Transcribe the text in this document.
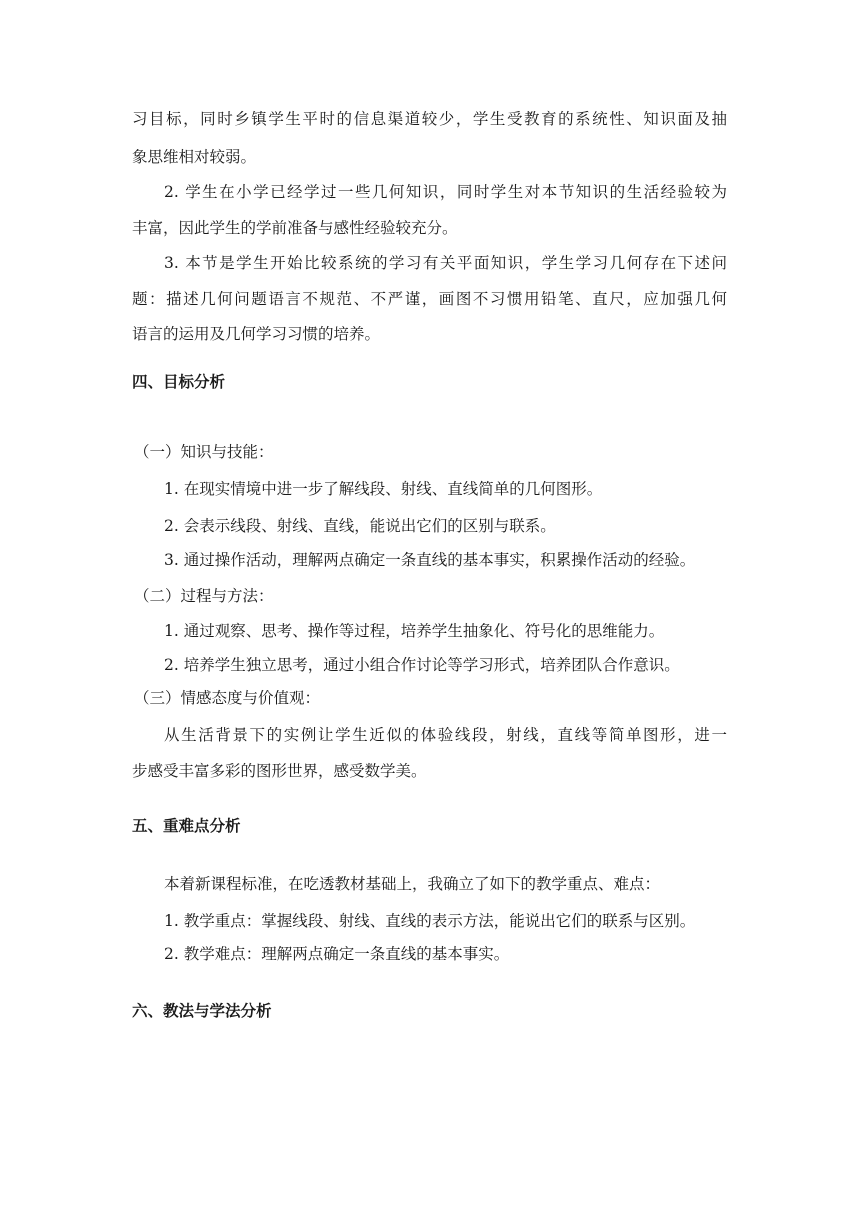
习目标，同时乡镇学生平时的信息渠道较少，学生受教育的系统性、知识面及抽
象思维相对较弱。
2. 学生在小学已经学过一些几何知识，同时学生对本节知识的生活经验较为
丰富，因此学生的学前准备与感性经验较充分。
3. 本节是学生开始比较系统的学习有关平面知识，学生学习几何存在下述问
题：描述几何问题语言不规范、不严谨，画图不习惯用铅笔、直尺，应加强几何
语言的运用及几何学习习惯的培养。
四、目标分析
（一）知识与技能：
1. 在现实情境中进一步了解线段、射线、直线简单的几何图形。
2. 会表示线段、射线、直线，能说出它们的区别与联系。
3. 通过操作活动，理解两点确定一条直线的基本事实，积累操作活动的经验。
（二）过程与方法：
1. 通过观察、思考、操作等过程，培养学生抽象化、符号化的思维能力。
2. 培养学生独立思考，通过小组合作讨论等学习形式，培养团队合作意识。
（三）情感态度与价值观：
从生活背景下的实例让学生近似的体验线段，射线，直线等简单图形，进一
步感受丰富多彩的图形世界，感受数学美。
五、重难点分析
本着新课程标准，在吃透教材基础上，我确立了如下的教学重点、难点：
1. 教学重点：掌握线段、射线、直线的表示方法，能说出它们的联系与区别。
2. 教学难点：理解两点确定一条直线的基本事实。
六、教法与学法分析
